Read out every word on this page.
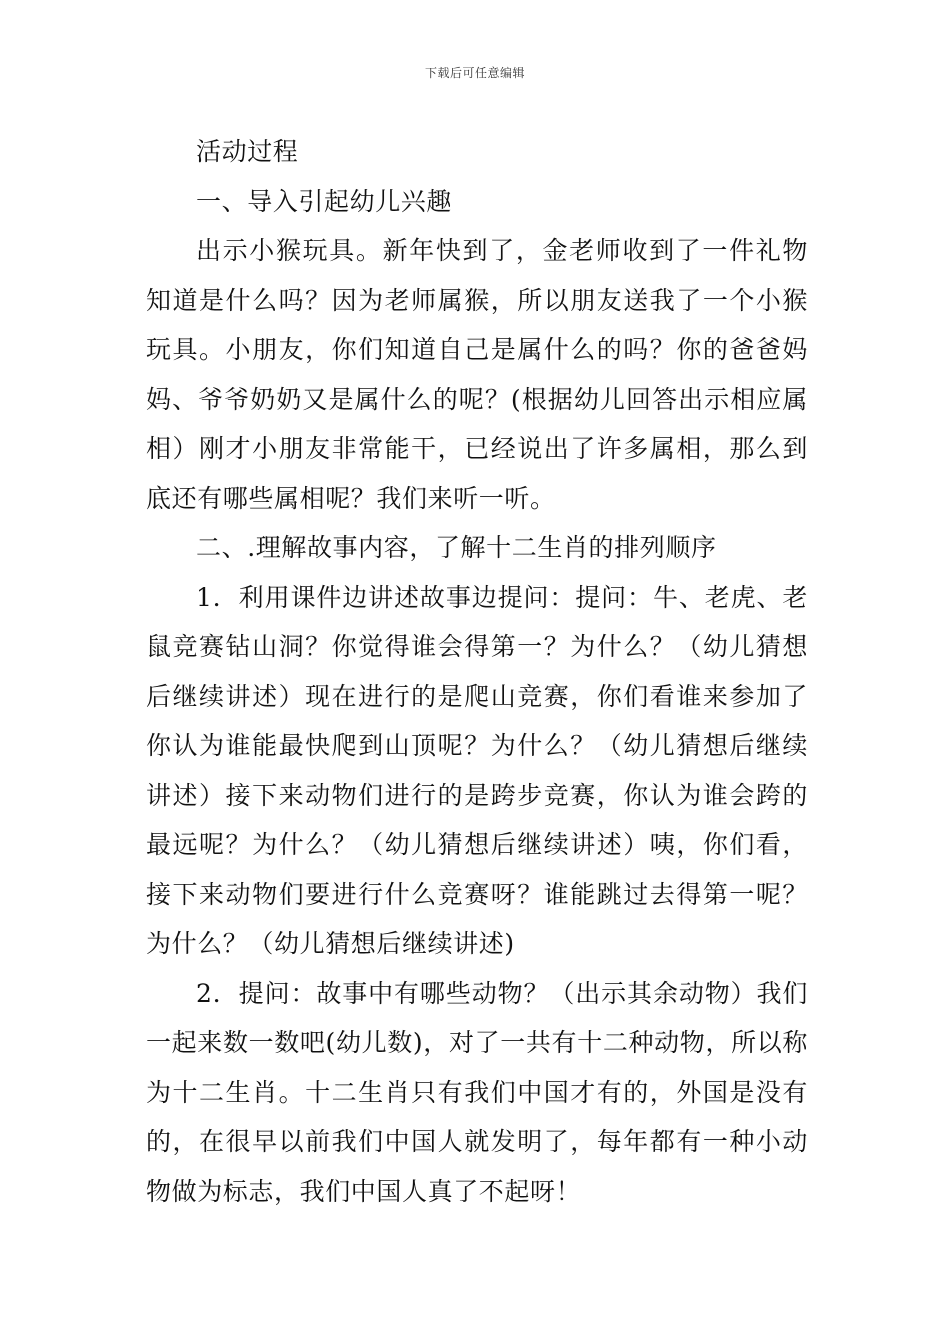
下载后可任意编辑

活动过程

一、导入引起幼儿兴趣

出示小猴玩具。新年快到了，金老师收到了一件礼物知道是什么吗？因为老师属猴，所以朋友送我了一个小猴玩具。小朋友，你们知道自己是属什么的吗？你的爸爸妈妈、爷爷奶奶又是属什么的呢？(根据幼儿回答出示相应属相）刚才小朋友非常能干，已经说出了许多属相，那么到底还有哪些属相呢？我们来听一听。

二、.理解故事内容，了解十二生肖的排列顺序

1．利用课件边讲述故事边提问：提问：牛、老虎、老鼠竞赛钻山洞？你觉得谁会得第一？为什么？（幼儿猜想后继续讲述）现在进行的是爬山竞赛，你们看谁来参加了你认为谁能最快爬到山顶呢？为什么？（幼儿猜想后继续讲述）接下来动物们进行的是跨步竞赛，你认为谁会跨的最远呢？为什么？（幼儿猜想后继续讲述）咦，你们看，接下来动物们要进行什么竞赛呀？谁能跳过去得第一呢？为什么？（幼儿猜想后继续讲述)

2．提问：故事中有哪些动物？（出示其余动物）我们一起来数一数吧(幼儿数)，对了一共有十二种动物，所以称为十二生肖。十二生肖只有我们中国才有的，外国是没有的，在很早以前我们中国人就发明了，每年都有一种小动物做为标志，我们中国人真了不起呀！
